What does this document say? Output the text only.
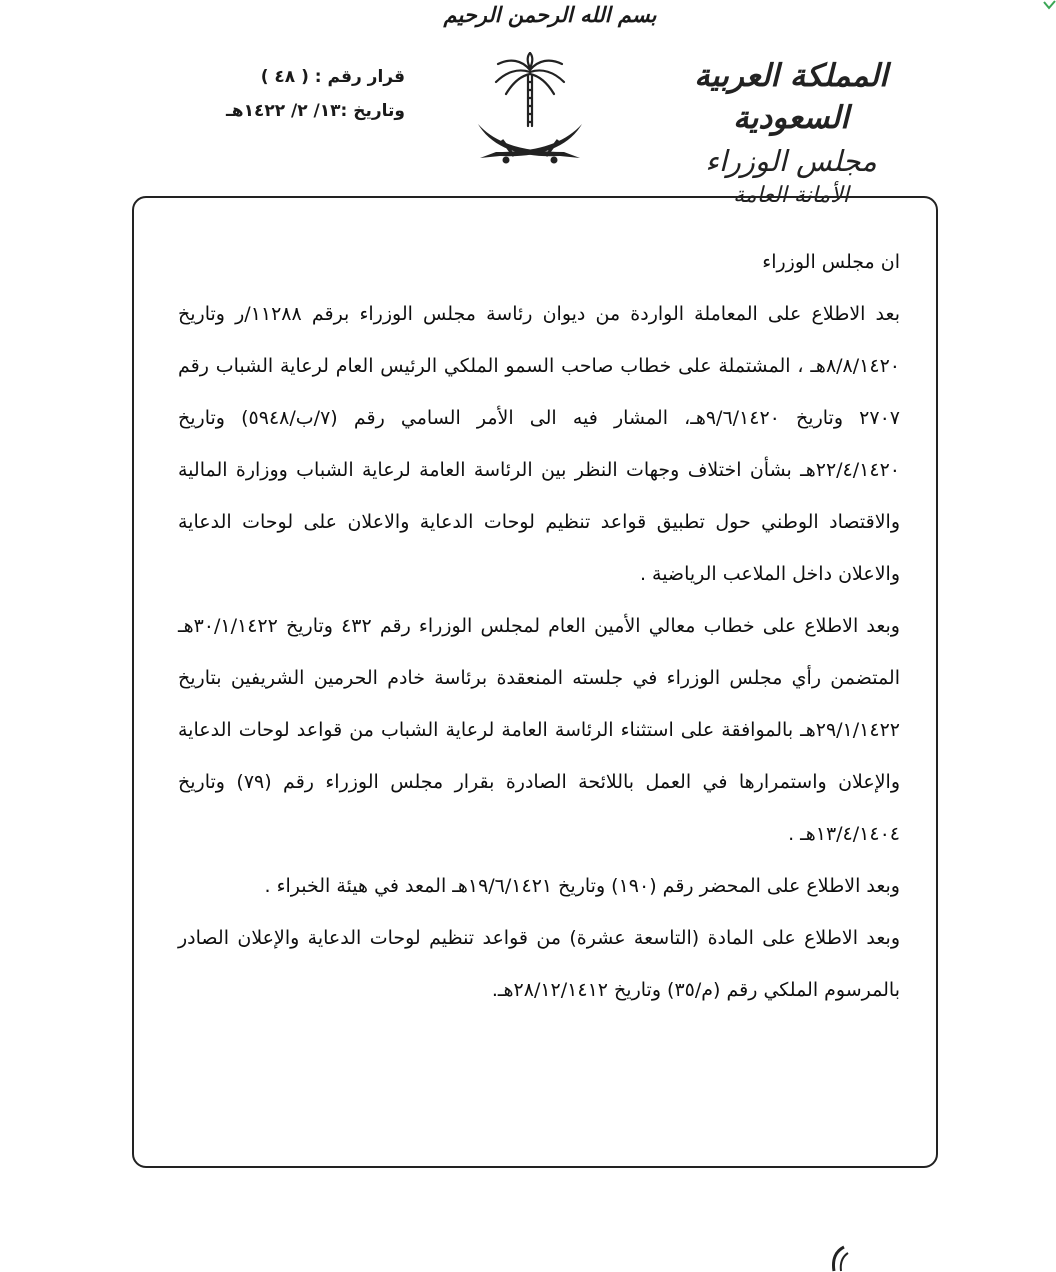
بسم الله الرحمن الرحيم
المملكة العربية السعودية
مجلس الوزراء
الأمانة العامة
قرار رقم : ( ٤٨ )
وتاريخ :١٣/ ٢/ ١٤٢٢هـ

ان مجلس الوزراء

بعد الاطلاع على المعاملة الواردة من ديوان رئاسة مجلس الوزراء برقم ١١٢٨٨/ر وتاريخ ٨/٨/١٤٢٠هـ ، المشتملة على خطاب صاحب السمو الملكي الرئيس العام لرعاية الشباب رقم ٢٧٠٧ وتاريخ ٩/٦/١٤٢٠هـ، المشار فيه الى الأمر السامي رقم (٧/ب/٥٩٤٨) وتاريخ ٢٢/٤/١٤٢٠هـ بشأن اختلاف وجهات النظر بين الرئاسة العامة لرعاية الشباب ووزارة المالية والاقتصاد الوطني حول تطبيق قواعد تنظيم لوحات الدعاية والاعلان على لوحات الدعاية والاعلان داخل الملاعب الرياضية .

وبعد الاطلاع على خطاب معالي الأمين العام لمجلس الوزراء رقم ٤٣٢ وتاريخ ٣٠/١/١٤٢٢هـ المتضمن رأي مجلس الوزراء في جلسته المنعقدة برئاسة خادم الحرمين الشريفين بتاريخ ٢٩/١/١٤٢٢هـ بالموافقة على استثناء الرئاسة العامة لرعاية الشباب من قواعد لوحات الدعاية والإعلان واستمرارها في العمل باللائحة الصادرة بقرار مجلس الوزراء رقم (٧٩) وتاريخ ١٣/٤/١٤٠٤هـ .

وبعد الاطلاع على المحضر رقم (١٩٠) وتاريخ ١٩/٦/١٤٢١هـ المعد في هيئة الخبراء .

وبعد الاطلاع على المادة (التاسعة عشرة) من قواعد تنظيم لوحات الدعاية والإعلان الصادر بالمرسوم الملكي رقم (م/٣٥) وتاريخ ٢٨/١٢/١٤١٢هـ.
